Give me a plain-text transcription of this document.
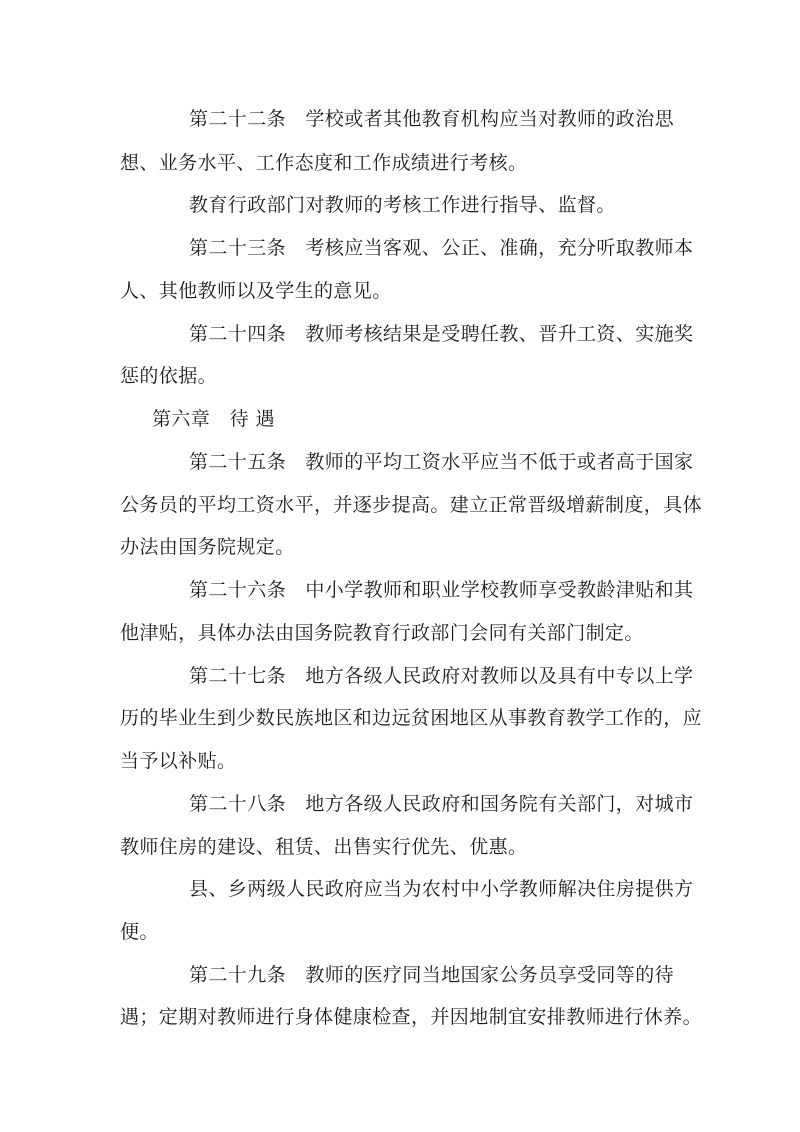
第二十二条　学校或者其他教育机构应当对教师的政治思
想、业务水平、工作态度和工作成绩进行考核。
教育行政部门对教师的考核工作进行指导、监督。
第二十三条　考核应当客观、公正、准确，充分听取教师本
人、其他教师以及学生的意见。
第二十四条　教师考核结果是受聘任教、晋升工资、实施奖
惩的依据。
第六章　待 遇
第二十五条　教师的平均工资水平应当不低于或者高于国家
公务员的平均工资水平，并逐步提高。建立正常晋级增薪制度，具体
办法由国务院规定。
第二十六条　中小学教师和职业学校教师享受教龄津贴和其
他津贴，具体办法由国务院教育行政部门会同有关部门制定。
第二十七条　地方各级人民政府对教师以及具有中专以上学
历的毕业生到少数民族地区和边远贫困地区从事教育教学工作的，应
当予以补贴。
第二十八条　地方各级人民政府和国务院有关部门，对城市
教师住房的建设、租赁、出售实行优先、优惠。
县、乡两级人民政府应当为农村中小学教师解决住房提供方
便。
第二十九条　教师的医疗同当地国家公务员享受同等的待
遇；定期对教师进行身体健康检查，并因地制宜安排教师进行休养。
